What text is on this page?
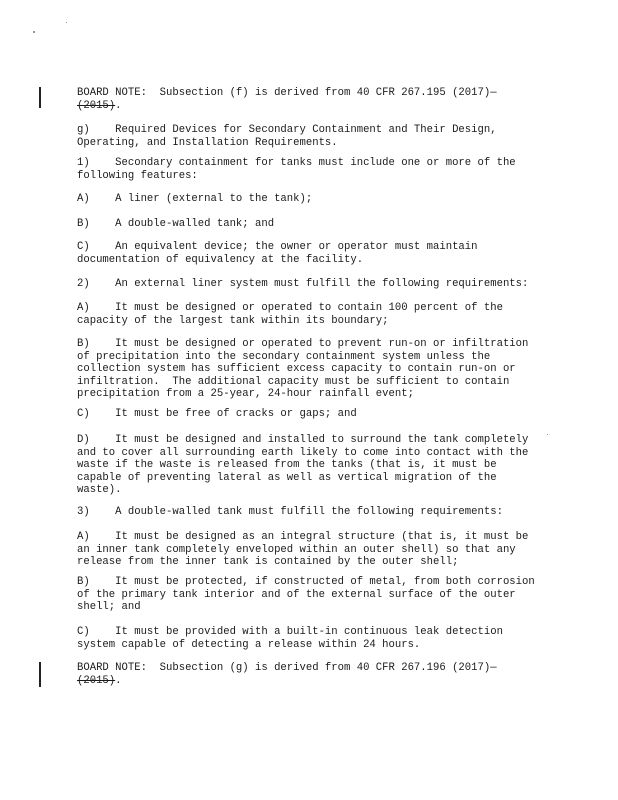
BOARD NOTE:  Subsection (f) is derived from 40 CFR 267.195 (2017)—
(2015).
g)    Required Devices for Secondary Containment and Their Design,
Operating, and Installation Requirements.
1)    Secondary containment for tanks must include one or more of the
following features:
A)    A liner (external to the tank);
B)    A double-walled tank; and
C)    An equivalent device; the owner or operator must maintain
documentation of equivalency at the facility.
2)    An external liner system must fulfill the following requirements:
A)    It must be designed or operated to contain 100 percent of the
capacity of the largest tank within its boundary;
B)    It must be designed or operated to prevent run-on or infiltration
of precipitation into the secondary containment system unless the
collection system has sufficient excess capacity to contain run-on or
infiltration.  The additional capacity must be sufficient to contain
precipitation from a 25-year, 24-hour rainfall event;
C)    It must be free of cracks or gaps; and
D)    It must be designed and installed to surround the tank completely
and to cover all surrounding earth likely to come into contact with the
waste if the waste is released from the tanks (that is, it must be
capable of preventing lateral as well as vertical migration of the
waste).
3)    A double-walled tank must fulfill the following requirements:
A)    It must be designed as an integral structure (that is, it must be
an inner tank completely enveloped within an outer shell) so that any
release from the inner tank is contained by the outer shell;
B)    It must be protected, if constructed of metal, from both corrosion
of the primary tank interior and of the external surface of the outer
shell; and
C)    It must be provided with a built-in continuous leak detection
system capable of detecting a release within 24 hours.
BOARD NOTE:  Subsection (g) is derived from 40 CFR 267.196 (2017)—
(2015).
